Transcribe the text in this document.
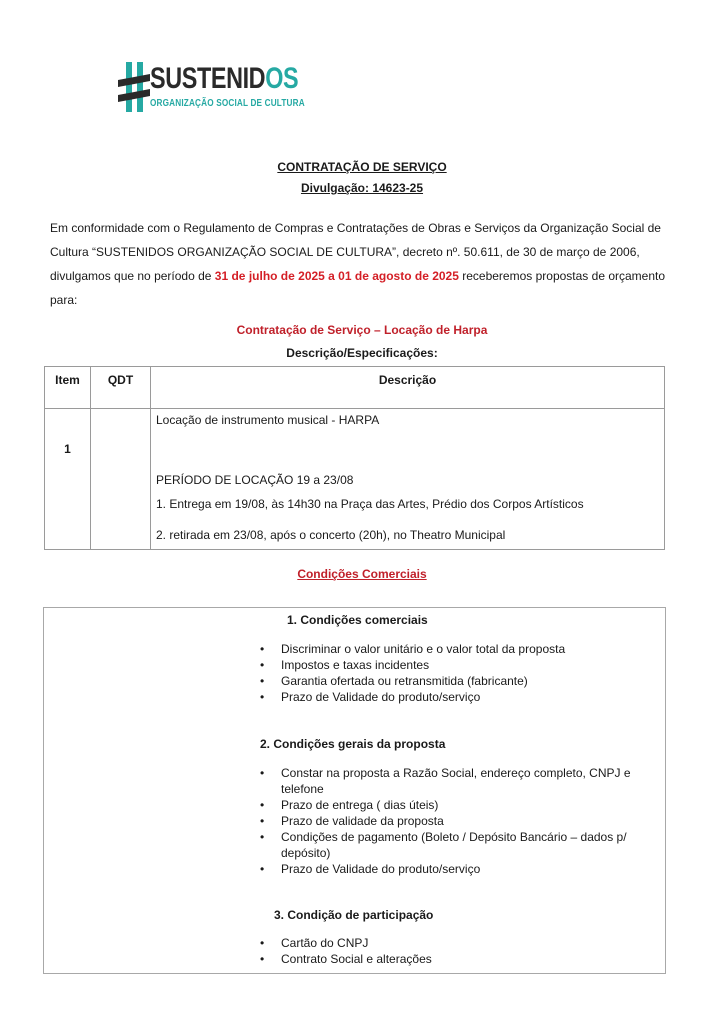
SUSTENIDOS
ORGANIZAÇÃO SOCIAL DE CULTURA
CONTRATAÇÃO DE SERVIÇO
Divulgação: 14623-25
Em conformidade com o Regulamento de Compras e Contratações de Obras e Serviços da Organização Social de Cultura “SUSTENIDOS ORGANIZAÇÃO SOCIAL DE CULTURA”, decreto nº. 50.611, de 30 de março de 2006, divulgamos que no período de 31 de julho de 2025 a 01 de agosto de 2025 receberemos propostas de orçamento para:
Contratação de Serviço – Locação de Harpa
Descrição/Especificações:
Item	QDT	Descrição
1		Locação de instrumento musical - HARPA
PERÍODO DE LOCAÇÃO 19 a 23/08
1. Entrega em 19/08, às 14h30 na Praça das Artes, Prédio dos Corpos Artísticos
2. retirada em 23/08, após o concerto (20h), no Theatro Municipal
Condições Comerciais
1. Condições comerciais
• Discriminar o valor unitário e o valor total da proposta
• Impostos e taxas incidentes
• Garantia ofertada ou retransmitida (fabricante)
• Prazo de Validade do produto/serviço
2. Condições gerais da proposta
• Constar na proposta a Razão Social, endereço completo, CNPJ e telefone
• Prazo de entrega ( dias úteis)
• Prazo de validade da proposta
• Condições de pagamento (Boleto / Depósito Bancário – dados p/ depósito)
• Prazo de Validade do produto/serviço
3. Condição de participação
• Cartão do CNPJ
• Contrato Social e alterações
